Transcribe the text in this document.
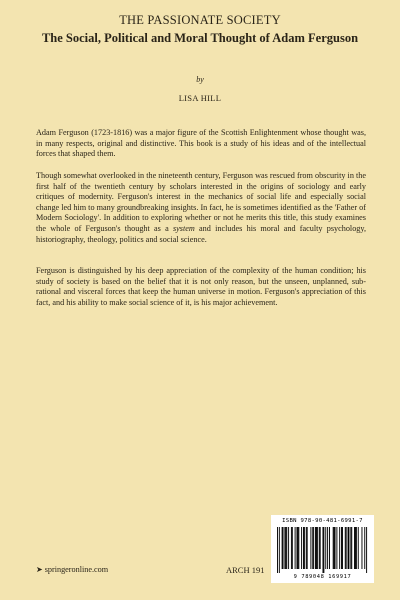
THE PASSIONATE SOCIETY
The Social, Political and Moral Thought of Adam Ferguson
by
LISA HILL

Adam Ferguson (1723-1816) was a major figure of the Scottish Enlightenment whose thought was, in many respects, original and distinctive. This book is a study of his ideas and of the intellectual forces that shaped them.

Though somewhat overlooked in the nineteenth century, Ferguson was rescued from obscurity in the first half of the twentieth century by scholars interested in the origins of sociology and early critiques of modernity. Ferguson's interest in the mechanics of social life and especially social change led him to many groundbreaking insights. In fact, he is sometimes identified as the 'Father of Modern Sociology'. In addition to exploring whether or not he merits this title, this study examines the whole of Ferguson's thought as a system and includes his moral and faculty psychology, historiography, theology, politics and social science.

Ferguson is distinguished by his deep appreciation of the complexity of the human condition; his study of society is based on the belief that it is not only reason, but the unseen, unplanned, sub-rational and visceral forces that keep the human universe in motion. Ferguson's appreciation of this fact, and his ability to make social science of it, is his major achievement.

➤ springeronline.com	ARCH 191
ISBN 978-90-481-6991-7
9 789048 169917
